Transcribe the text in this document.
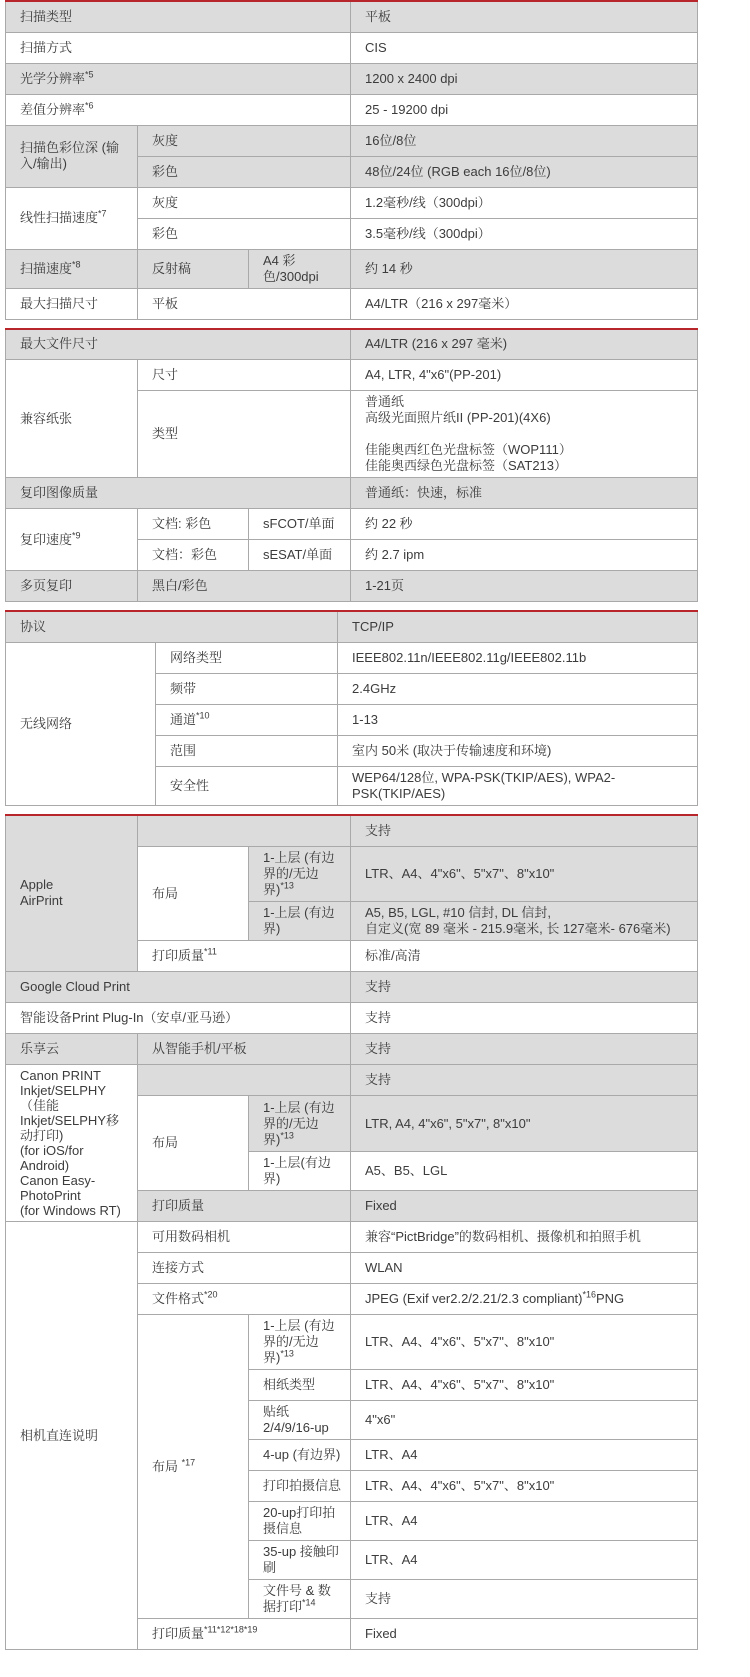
扫描类型			平板
扫描方式			CIS
光学分辨率$^{*5}$			1200 x 2400 dpi
差值分辨率$^{*6}$			25 - 19200 dpi
扫描色彩位深 (输入/输出)	灰度		16位/8位
	彩色		48位/24位 (RGB each 16位/8位)
线性扫描速度$^{*7}$	灰度		1.2毫秒/线（300dpi）
	彩色		3.5毫秒/线（300dpi）
扫描速度$^{*8}$	反射稿	A4 彩色/300dpi	约 14 秒
最大扫描尺寸	平板		A4/LTR（216 x 297毫米）
最大文件尺寸			A4/LTR (216 x 297 毫米)
兼容纸张	尺寸		A4, LTR, 4"x6"(PP-201)
	类型		普通纸
高级光面照片纸II (PP-201)(4X6)

佳能奥西红色光盘标签（WOP111）
佳能奥西绿色光盘标签（SAT213）
复印图像质量			普通纸：快速，标准
复印速度$^{*9}$	文档: 彩色	sFCOT/单面	约 22 秒
	文档：彩色	sESAT/单面	约 2.7 ipm
多页复印	黑白/彩色		1-21页
协议		TCP/IP
无线网络	网络类型	IEEE802.11n/IEEE802.11g/IEEE802.11b
	频带	2.4GHz
	通道$^{*10}$	1-13
	范围	室内 50米 (取决于传输速度和环境)
	安全性	WEP64/128位, WPA-PSK(TKIP/AES), WPA2-PSK(TKIP/AES)
Apple
AirPrint			支持
	布局	1-上层 (有边界的/无边界)$^{*13}$	LTR、A4、4"x6"、5"x7"、8"x10"
		1-上层 (有边界)	A5, B5, LGL, #10 信封, DL 信封,
自定义(宽 89 毫米 - 215.9毫米, 长 127毫米- 676毫米)
	打印质量$^{*11}$		标准/高清
Google Cloud Print			支持
智能设备Print Plug-In（安卓/亚马逊）			支持
乐享云	从智能手机/平板		支持
Canon PRINT Inkjet/SELPHY（佳能Inkjet/SELPHY移动打印)
(for iOS/for Android)
Canon Easy-PhotoPrint
(for Windows RT)			支持
	布局	1-上层 (有边界的/无边界)$^{*13}$	LTR, A4, 4"x6", 5"x7", 8"x10"
		1-上层(有边界)	A5、B5、LGL
	打印质量		Fixed
相机直连说明	可用数码相机		兼容“PictBridge”的数码相机、摄像机和拍照手机
	连接方式		WLAN
	文件格式$^{*20}$		JPEG (Exif ver2.2/2.21/2.3 compliant)$^{*16}$PNG
	布局 $^{*17}$	1-上层 (有边界的/无边界)$^{*13}$	LTR、A4、4"x6"、5"x7"、8"x10"
		相纸类型	LTR、A4、4"x6"、5"x7"、8"x10"
		贴纸 2/4/9/16-up	4"x6"
		4-up (有边界)	LTR、A4
		打印拍摄信息	LTR、A4、4"x6"、5"x7"、8"x10"
		20-up打印拍摄信息	LTR、A4
		35-up 接触印刷	LTR、A4
		文件号 & 数据打印$^{*14}$	支持
	打印质量$^{*11*12*18*19}$		Fixed
